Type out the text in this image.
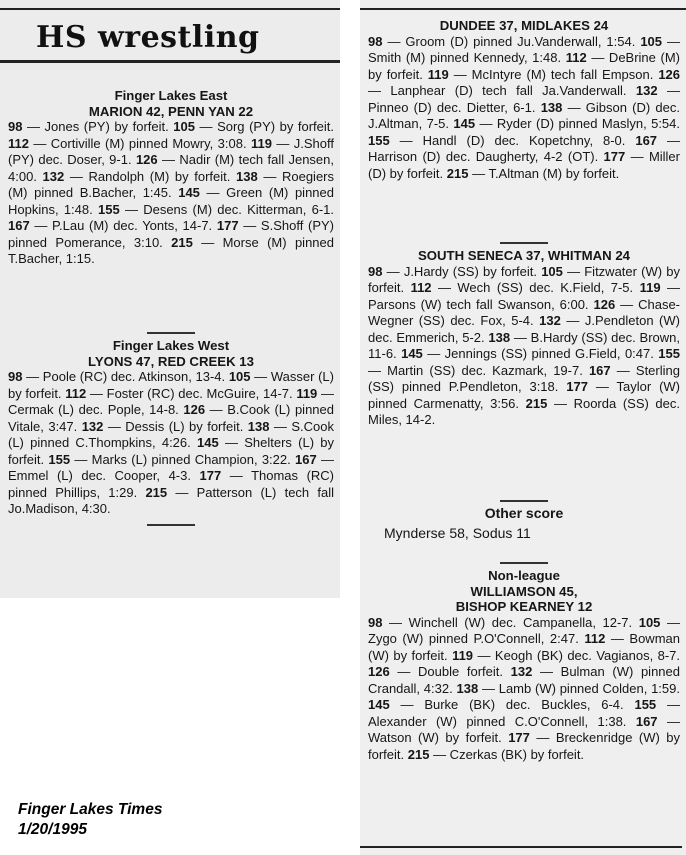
HS wrestling

Finger Lakes East

MARION 42, PENN YAN 22

98 — Jones (PY) by forfeit. 105 — Sorg (PY) by forfeit. 112 — Cortiville (M) pinned Mowry, 3:08. 119 — J.Shoff (PY) dec. Doser, 9-1. 126 — Nadir (M) tech fall Jensen, 4:00. 132 — Randolph (M) by forfeit. 138 — Roegiers (M) pinned B.Bacher, 1:45. 145 — Green (M) pinned Hopkins, 1:48. 155 — Desens (M) dec. Kitterman, 6-1. 167 — P.Lau (M) dec. Yonts, 14-7. 177 — S.Shoff (PY) pinned Pomerance, 3:10. 215 — Morse (M) pinned T.Bacher, 1:15.

Finger Lakes West

LYONS 47, RED CREEK 13

98 — Poole (RC) dec. Atkinson, 13-4. 105 — Wasser (L) by forfeit. 112 — Foster (RC) dec. McGuire, 14-7. 119 — Cermak (L) dec. Pople, 14-8. 126 — B.Cook (L) pinned Vitale, 3:47. 132 — Dessis (L) by forfeit. 138 — S.Cook (L) pinned C.Thompkins, 4:26. 145 — Shelters (L) by forfeit. 155 — Marks (L) pinned Champion, 3:22. 167 — Emmel (L) dec. Cooper, 4-3. 177 — Thomas (RC) pinned Phillips, 1:29. 215 — Patterson (L) tech fall Jo.Madison, 4:30.

DUNDEE 37, MIDLAKES 24

98 — Groom (D) pinned Ju.Vanderwall, 1:54. 105 — Smith (M) pinned Kennedy, 1:48. 112 — DeBrine (M) by forfeit. 119 — McIntyre (M) tech fall Empson. 126 — Lanphear (D) tech fall Ja.Vanderwall. 132 — Pinneo (D) dec. Dietter, 6-1. 138 — Gibson (D) dec. J.Altman, 7-5. 145 — Ryder (D) pinned Maslyn, 5:54. 155 — Handl (D) dec. Kopetchny, 8-0. 167 — Harrison (D) dec. Daugherty, 4-2 (OT). 177 — Miller (D) by forfeit. 215 — T.Altman (M) by forfeit.

SOUTH SENECA 37, WHITMAN 24

98 — J.Hardy (SS) by forfeit. 105 — Fitzwater (W) by forfeit. 112 — Wech (SS) dec. K.Field, 7-5. 119 — Parsons (W) tech fall Swanson, 6:00. 126 — Chase-Wegner (SS) dec. Fox, 5-4. 132 — J.Pendleton (W) dec. Emmerich, 5-2. 138 — B.Hardy (SS) dec. Brown, 11-6. 145 — Jennings (SS) pinned G.Field, 0:47. 155 — Martin (SS) dec. Kazmark, 19-7. 167 — Sterling (SS) pinned P.Pendleton, 3:18. 177 — Taylor (W) pinned Carmenatty, 3:56. 215 — Roorda (SS) dec. Miles, 14-2.

Other score

Mynderse 58, Sodus 11

Non-league

WILLIAMSON 45,

BISHOP KEARNEY 12

98 — Winchell (W) dec. Campanella, 12-7. 105 — Zygo (W) pinned P.O'Connell, 2:47. 112 — Bowman (W) by forfeit. 119 — Keogh (BK) dec. Vagianos, 8-7. 126 — Double forfeit. 132 — Bulman (W) pinned Crandall, 4:32. 138 — Lamb (W) pinned Colden, 1:59. 145 — Burke (BK) dec. Buckles, 6-4. 155 — Alexander (W) pinned C.O'Connell, 1:38. 167 — Watson (W) by forfeit. 177 — Breckenridge (W) by forfeit. 215 — Czerkas (BK) by forfeit.

Finger Lakes Times
1/20/1995
